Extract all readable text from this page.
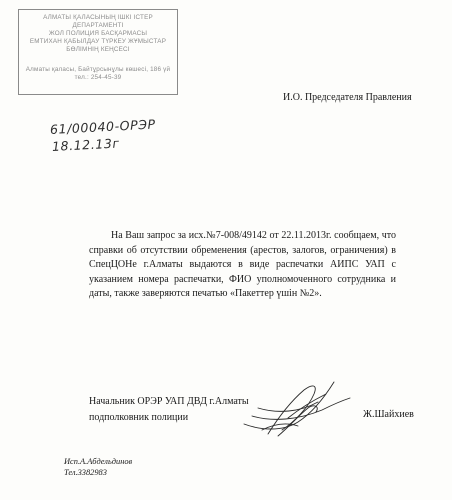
АЛМАТЫ ҚАЛАСЫНЫҢ ІШКІ ІСТЕР
ДЕПАРТАМЕНТІ
ЖОЛ ПОЛИЦИЯ БАСҚАРМАСЫ
ЕМТИХАН ҚАБЫЛДАУ ТҮРКЕУ ЖҰМЫСТАР
БӨЛІМНІҢ КЕҢСЕСІ
Алматы қаласы, Байтұрсынұлы көшесі, 186 үй
тел.: 254-45-39
И.О. Председателя Правления
61/00040-ОРЭР
18.12.13г
На Ваш запрос за исх.№7-008/49142 от 22.11.2013г. сообщаем, что справки об отсутствии обременения (арестов, залогов, ограничения) в СпецЦОНе г.Алматы выдаются в виде распечатки АИПС УАП с указанием номера распечатки, ФИО уполномоченного сотрудника и даты, также заверяются печатью «Пакеттер үшін №2».
Начальник ОРЭР УАП ДВД г.Алматы
подполковник полиции	Ж.Шайхиев
Исп.А.Абдельдинов
Тел.3382983
